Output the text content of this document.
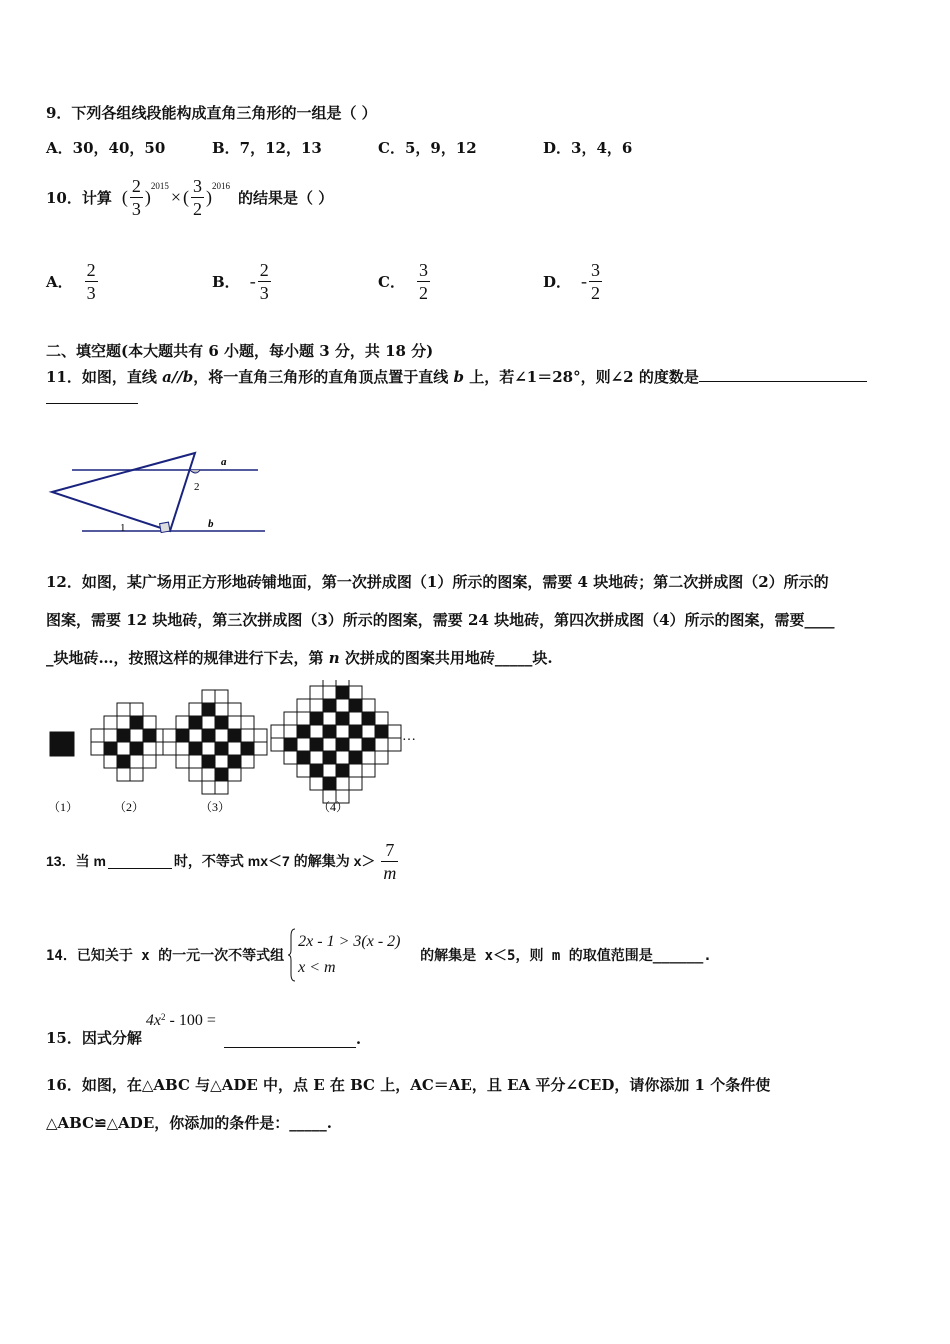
9．下列各组线段能构成直角三角形的一组是（ ）
A．30，40，50	B．7，12，13	C．5，9，12	D．3，4，6
10．计算 ( $\frac{2}{3}$ )
2015
× ( $\frac{3}{2}$ )
2016
的结果是（ ）
A． $\frac{2}{3}$	B． - $\frac{2}{3}$	C． $\frac{3}{2}$	D． - $\frac{3}{2}$
二、填空题(本大题共有 6 小题，每小题 3 分，共 18 分)
11．如图，直线 a//b，将一直角三角形的直角顶点置于直线 b 上，若∠1＝28°，则∠2 的度数是
a
b
1
2
12．如图，某广场用正方形地砖铺地面，第一次拼成图（1）所示的图案，需要 4 块地砖；第二次拼成图（2）所示的
图案，需要 12 块地砖，第三次拼成图（3）所示的图案，需要 24 块地砖，第四次拼成图（4）所示的图案，需要____
_块地砖…，按照这样的规律进行下去，第 n 次拼成的图案共用地砖_____块.
（1）	（2）	（3）	（4）
…
13．当 m	时，不等式 mx＜7 的解集为 $x> \frac{7}{m}$
14．已知关于 x 的一元一次不等式组
2x - 1 > 3(x - 2)
x < m
的解集是 x＜5，则 m 的取值范围是______.
15．因式分解
$4x^2 - 100$ =
.
16．如图，在△ABC 与△ADE 中，点 E 在 BC 上，AC＝AE，且 EA 平分∠CED，请你添加 1 个条件使
△ABC≌△ADE，你添加的条件是：_____.
